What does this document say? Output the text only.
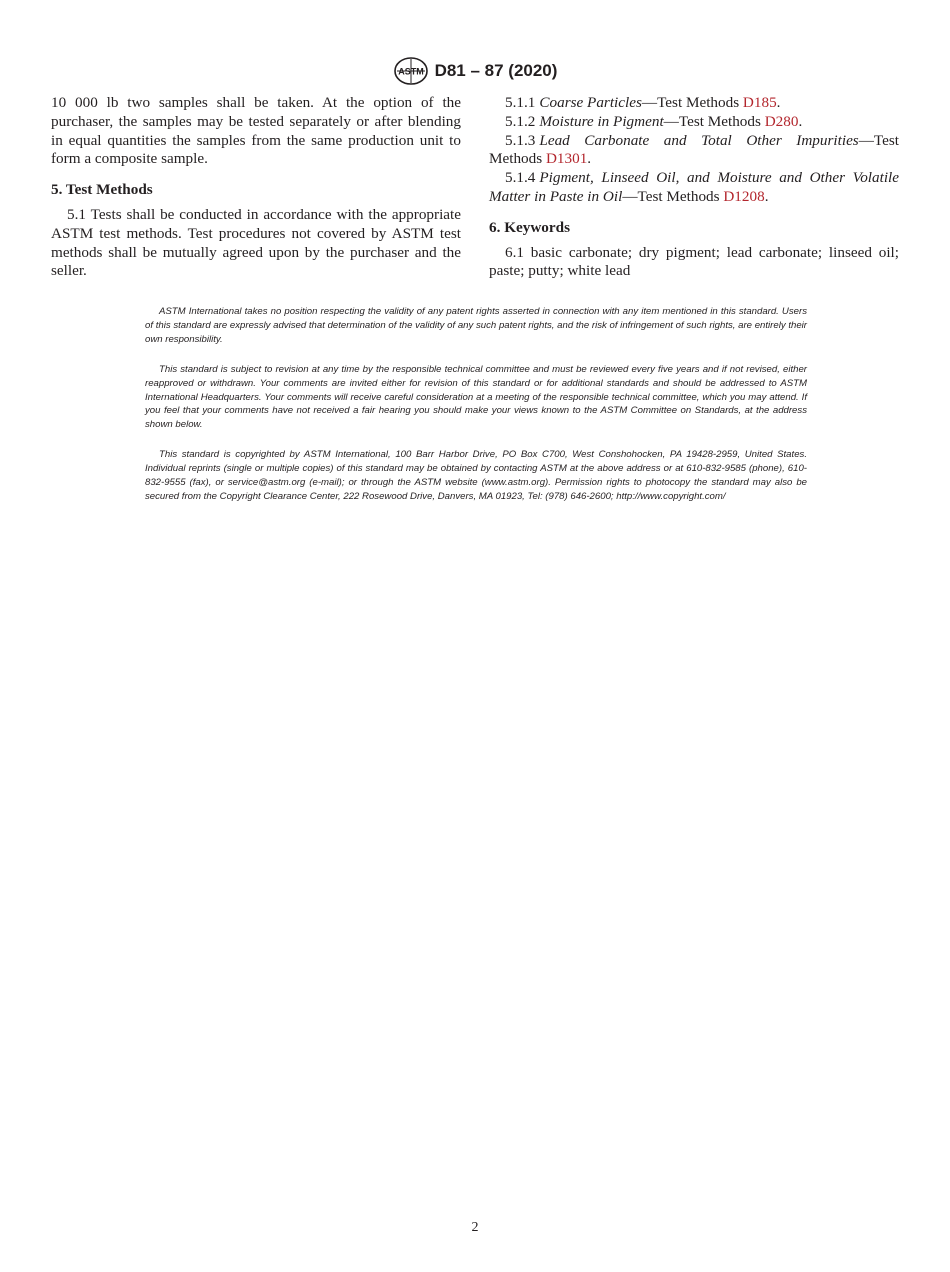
ASTM D81 – 87 (2020)

10 000 lb two samples shall be taken. At the option of the purchaser, the samples may be tested separately or after blending in equal quantities the samples from the same production unit to form a composite sample.

5. Test Methods

5.1 Tests shall be conducted in accordance with the appropriate ASTM test methods. Test procedures not covered by ASTM test methods shall be mutually agreed upon by the purchaser and the seller.

5.1.1 Coarse Particles—Test Methods D185.

5.1.2 Moisture in Pigment—Test Methods D280.

5.1.3 Lead Carbonate and Total Other Impurities—Test Methods D1301.

5.1.4 Pigment, Linseed Oil, and Moisture and Other Volatile Matter in Paste in Oil—Test Methods D1208.

6. Keywords

6.1 basic carbonate; dry pigment; lead carbonate; linseed oil; paste; putty; white lead

ASTM International takes no position respecting the validity of any patent rights asserted in connection with any item mentioned in this standard. Users of this standard are expressly advised that determination of the validity of any such patent rights, and the risk of infringement of such rights, are entirely their own responsibility.

This standard is subject to revision at any time by the responsible technical committee and must be reviewed every five years and if not revised, either reapproved or withdrawn. Your comments are invited either for revision of this standard or for additional standards and should be addressed to ASTM International Headquarters. Your comments will receive careful consideration at a meeting of the responsible technical committee, which you may attend. If you feel that your comments have not received a fair hearing you should make your views known to the ASTM Committee on Standards, at the address shown below.

This standard is copyrighted by ASTM International, 100 Barr Harbor Drive, PO Box C700, West Conshohocken, PA 19428-2959, United States. Individual reprints (single or multiple copies) of this standard may be obtained by contacting ASTM at the above address or at 610-832-9585 (phone), 610-832-9555 (fax), or service@astm.org (e-mail); or through the ASTM website (www.astm.org). Permission rights to photocopy the standard may also be secured from the Copyright Clearance Center, 222 Rosewood Drive, Danvers, MA 01923, Tel: (978) 646-2600; http://www.copyright.com/

2
